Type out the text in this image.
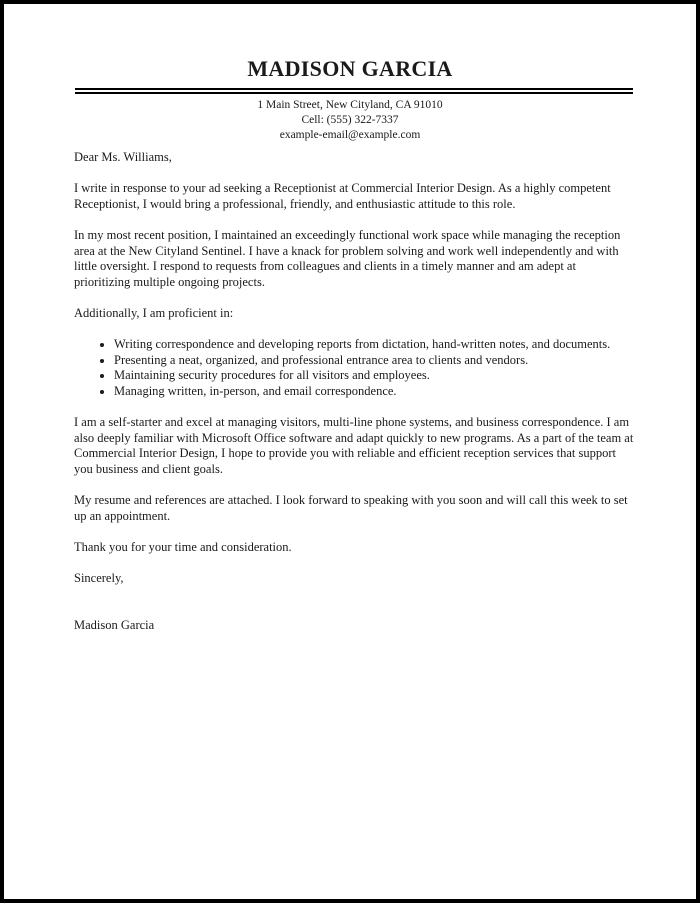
MADISON GARCIA
1 Main Street, New Cityland, CA 91010
Cell: (555) 322-7337
example-email@example.com

Dear Ms. Williams,

I write in response to your ad seeking a Receptionist at Commercial Interior Design. As a highly competent Receptionist, I would bring a professional, friendly, and enthusiastic attitude to this role.

In my most recent position, I maintained an exceedingly functional work space while managing the reception area at the New Cityland Sentinel. I have a knack for problem solving and work well independently and with little oversight. I respond to requests from colleagues and clients in a timely manner and am adept at prioritizing multiple ongoing projects.

Additionally, I am proficient in:

• Writing correspondence and developing reports from dictation, hand-written notes, and documents.
• Presenting a neat, organized, and professional entrance area to clients and vendors.
• Maintaining security procedures for all visitors and employees.
• Managing written, in-person, and email correspondence.

I am a self-starter and excel at managing visitors, multi-line phone systems, and business correspondence. I am also deeply familiar with Microsoft Office software and adapt quickly to new programs. As a part of the team at Commercial Interior Design, I hope to provide you with reliable and efficient reception services that support you business and client goals.

My resume and references are attached. I look forward to speaking with you soon and will call this week to set up an appointment.

Thank you for your time and consideration.

Sincerely,
Madison Garcia
